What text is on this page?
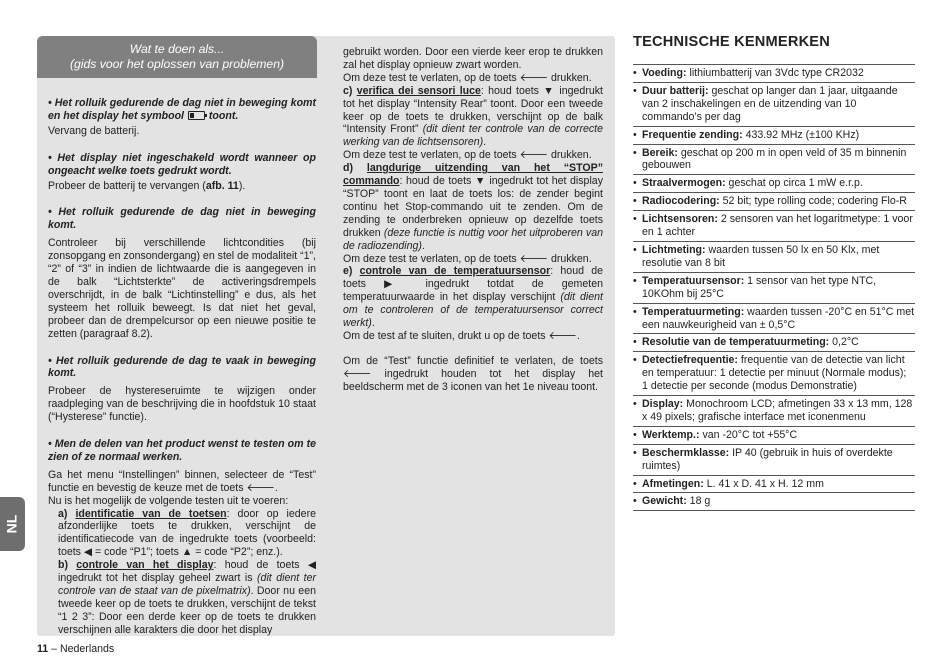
Wat te doen als...
(gids voor het oplossen van problemen)

• Het rolluik gedurende de dag niet in beweging komt en het display het symbool toont.

Vervang de batterij.

• Het display niet ingeschakeld wordt wanneer op ongeacht welke toets gedrukt wordt.

Probeer de batterij te vervangen (afb. 11).

• Het rolluik gedurende de dag niet in beweging komt.

Controleer bij verschillende lichtcondities (bij zonsopgang en zonsondergang) en stel de modaliteit “1”, “2” of “3” in indien de lichtwaarde die is aangegeven in de balk “Lichtsterkte” de activeringsdrempels overschrijdt, in de balk “Lichtinstelling” e dus, als het systeem het rolluik beweegt. Is dat niet het geval, probeer dan de drempelcursor op een nieuwe positie te zetten (paragraaf 8.2).

• Het rolluik gedurende de dag te vaak in beweging komt.

Probeer de hystereseruimte te wijzigen onder raadpleging van de beschrijving die in hoofdstuk 10 staat (“Hysterese” functie).

• Men de delen van het product wenst te testen om te zien of ze normaal werken.

Ga het menu “Instellingen” binnen, selecteer de “Test” functie en bevestig de keuze met de toets 🡐.

Nu is het mogelijk de volgende testen uit te voeren:

a) identificatie van de toetsen: door op iedere afzonderlijke toets te drukken, verschijnt de identificatiecode van de ingedrukte toets (voorbeeld: toets ◀ = code “P1”; toets ▲ = code “P2”; enz.).

b) controle van het display: houd de toets ◀ ingedrukt tot het display geheel zwart is (dit dient ter controle van de staat van de pixelmatrix). Door nu een tweede keer op de toets te drukken, verschijnt de tekst “1 2 3”: Door een derde keer op de toets te drukken verschijnen alle karakters die door het display

gebruikt worden. Door een vierde keer erop te drukken zal het display opnieuw zwart worden.

Om deze test te verlaten, op de toets 🡐 drukken.

c) verifica dei sensori luce: houd toets ▼ ingedrukt tot het display “Intensity Rear” toont. Door een tweede keer op de toets te drukken, verschijnt op de balk “Intensity Front” (dit dient ter controle van de correcte werking van de lichtsensoren).

Om deze test te verlaten, op de toets 🡐 drukken.

d) langdurige uitzending van het “STOP” commando: houd de toets ▼ ingedrukt tot het display “STOP” toont en laat de toets los: de zender begint continu het Stop-commando uit te zenden. Om de zending te onderbreken opnieuw op dezelfde toets drukken (deze functie is nuttig voor het uitproberen van de radiozending).

Om deze test te verlaten, op de toets 🡐 drukken.

e) controle van de temperatuursensor: houd de toets ▶ ingedrukt totdat de gemeten temperatuurwaarde in het display verschijnt (dit dient om te controleren of de temperatuursensor correct werkt).

Om de test af te sluiten, drukt u op de toets 🡐.

Om de “Test” functie definitief te verlaten, de toets 🡐 ingedrukt houden tot het display het beeldscherm met de 3 iconen van het 1e niveau toont.

TECHNISCHE KENMERKEN
• Voeding: lithiumbatterij van 3Vdc type CR2032
• Duur batterij: geschat op langer dan 1 jaar, uitgaande van 2 inschakelingen en de uitzending van 10 commando’s per dag
• Frequentie zending: 433.92 MHz (±100 KHz)
• Bereik: geschat op 200 m in open veld of 35 m binnenin gebouwen
• Straalvermogen: geschat op circa 1 mW e.r.p.
• Radiocodering: 52 bit; type rolling code; codering Flo-R
• Lichtsensoren: 2 sensoren van het logaritmetype: 1 voor en 1 achter
• Lichtmeting: waarden tussen 50 lx en 50 Klx, met resolutie van 8 bit
• Temperatuursensor: 1 sensor van het type NTC, 10KOhm bij 25°C
• Temperatuurmeting: waarden tussen -20°C en 51°C met een nauwkeurigheid van ± 0,5°C
• Resolutie van de temperatuurmeting: 0,2°C
• Detectiefrequentie: frequentie van de detectie van licht en temperatuur: 1 detectie per minuut (Normale modus); 1 detectie per seconde (modus Demonstratie)
• Display: Monochroom LCD; afmetingen 33 x 13 mm, 128 x 49 pixels; grafische interface met iconenmenu
• Werktemp.: van -20°C tot +55°C
• Beschermklasse: IP 40 (gebruik in huis of overdekte ruimtes)
• Afmetingen: L. 41 x D. 41 x H. 12 mm
• Gewicht: 18 g
NL
11 – Nederlands
